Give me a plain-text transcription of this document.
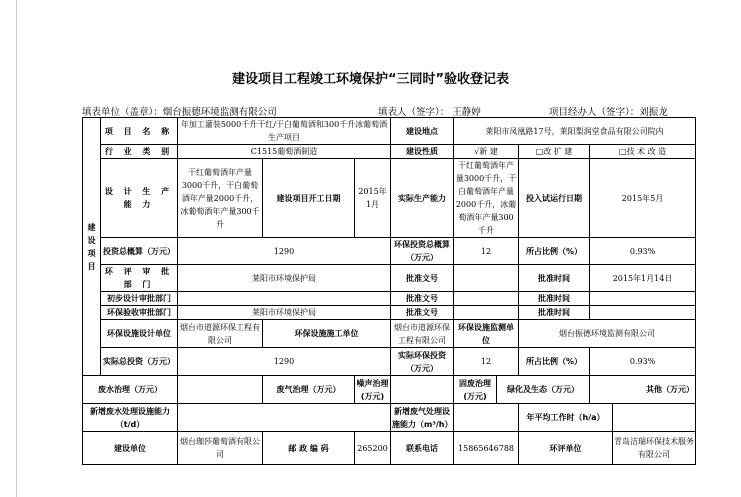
建设项目工程竣工环境保护“三同时”验收登记表
填表单位（盖章）：烟台振德环境监测有限公司	填表人（签字）： 王静婷	项目经办人（签字）：刘振龙
建
设
项
目	项 目 名 称	年加工灌装5000千升干红/干白葡萄酒和300千升冰葡萄酒生产项目			建设地点	莱阳市凤凰路17号，莱阳梨润堂食品有限公司院内				
	行 业 类 别	C1515葡萄酒制造			建设性质	√新 建		□改 扩 建	□技 术 改 造	
	设 计 生 产 能 力	干红葡萄酒年产量3000千升，干白葡萄酒年产量2000千升，冰葡萄酒年产量300千升	建设项目开工日期	2015年1月	实际生产能力	干红葡萄酒年产量3000千升，干白葡萄酒年产量2000千升，冰葡萄酒年产量300千升		投入试运行日期	2015年5月	
	投资总概算（万元）	1290			环保投资总概算（万元）	12		所占比例（%）	0.93%	
	环 评 审 批 部 门	莱阳市环境保护局			批准文号			批准时间	2015年1月14日	
	初步设计审批部门				批准文号			批准时间		
	环保验收审批部门	莱阳市环境保护局			批准文号			批准时间		
	环保设施设计单位	烟台市道源环保工程有限公司	环保设施施工单位		烟台市道源环保工程有限公司	环保设施监测单位		烟台振德环境监测有限公司		
	实际总投资（万元）	1290			实际环保投资（万元）	12		所占比例（%）	0.93%	
废水治理（万元）			废气治理（万元）	噪声治理(万元)		固废治理(万元)	绿化及生态（万元）		其他（万元）	
新增废水处理设施能力（t/d）					新增废气处理设施能力（m³/h）			年平均工作时（h/a）		
建设单位		烟台珈莎葡萄酒有限公司	邮 政 编 码	265200	联系电话	15865646788		环评单位		青岛洁瑞环保技术服务有限公司
